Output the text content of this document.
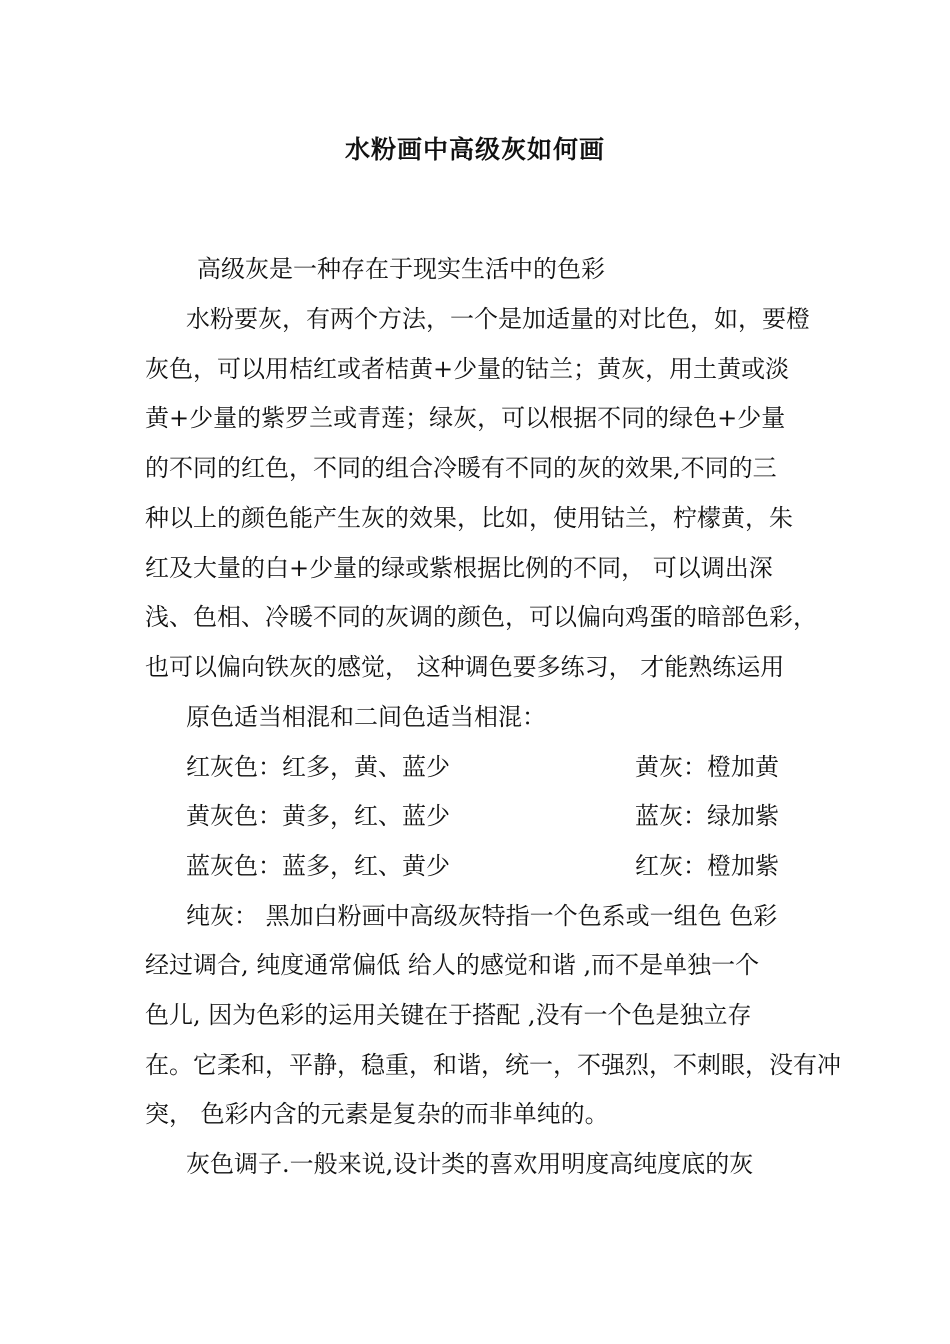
水粉画中高级灰如何画
高级灰是一种存在于现实生活中的色彩
水粉要灰，有两个方法，一个是加适量的对比色，如，要橙
灰色，可以用桔红或者桔黄+少量的钴兰；黄灰，用土黄或淡
黄+少量的紫罗兰或青莲；绿灰，可以根据不同的绿色+少量
的不同的红色，不同的组合冷暖有不同的灰的效果,不同的三
种以上的颜色能产生灰的效果，比如，使用钴兰，柠檬黄，朱
红及大量的白+少量的绿或紫根据比例的不同， 可以调出深
浅、色相、冷暖不同的灰调的颜色，可以偏向鸡蛋的暗部色彩，
也可以偏向铁灰的感觉， 这种调色要多练习， 才能熟练运用
原色适当相混和二间色适当相混：
红灰色：红多，黄、蓝少	黄灰：橙加黄
黄灰色：黄多，红、蓝少	蓝灰：绿加紫
蓝灰色：蓝多，红、黄少	红灰：橙加紫
纯灰： 黑加白粉画中高级灰特指一个色系或一组色 色彩
经过调合, 纯度通常偏低 给人的感觉和谐 ,而不是单独一个
色儿, 因为色彩的运用关键在于搭配 ,没有一个色是独立存
在。它柔和，平静，稳重，和谐，统一，不强烈，不刺眼，没有冲
突， 色彩内含的元素是复杂的而非单纯的。
灰色调子.一般来说,设计类的喜欢用明度高纯度底的灰
